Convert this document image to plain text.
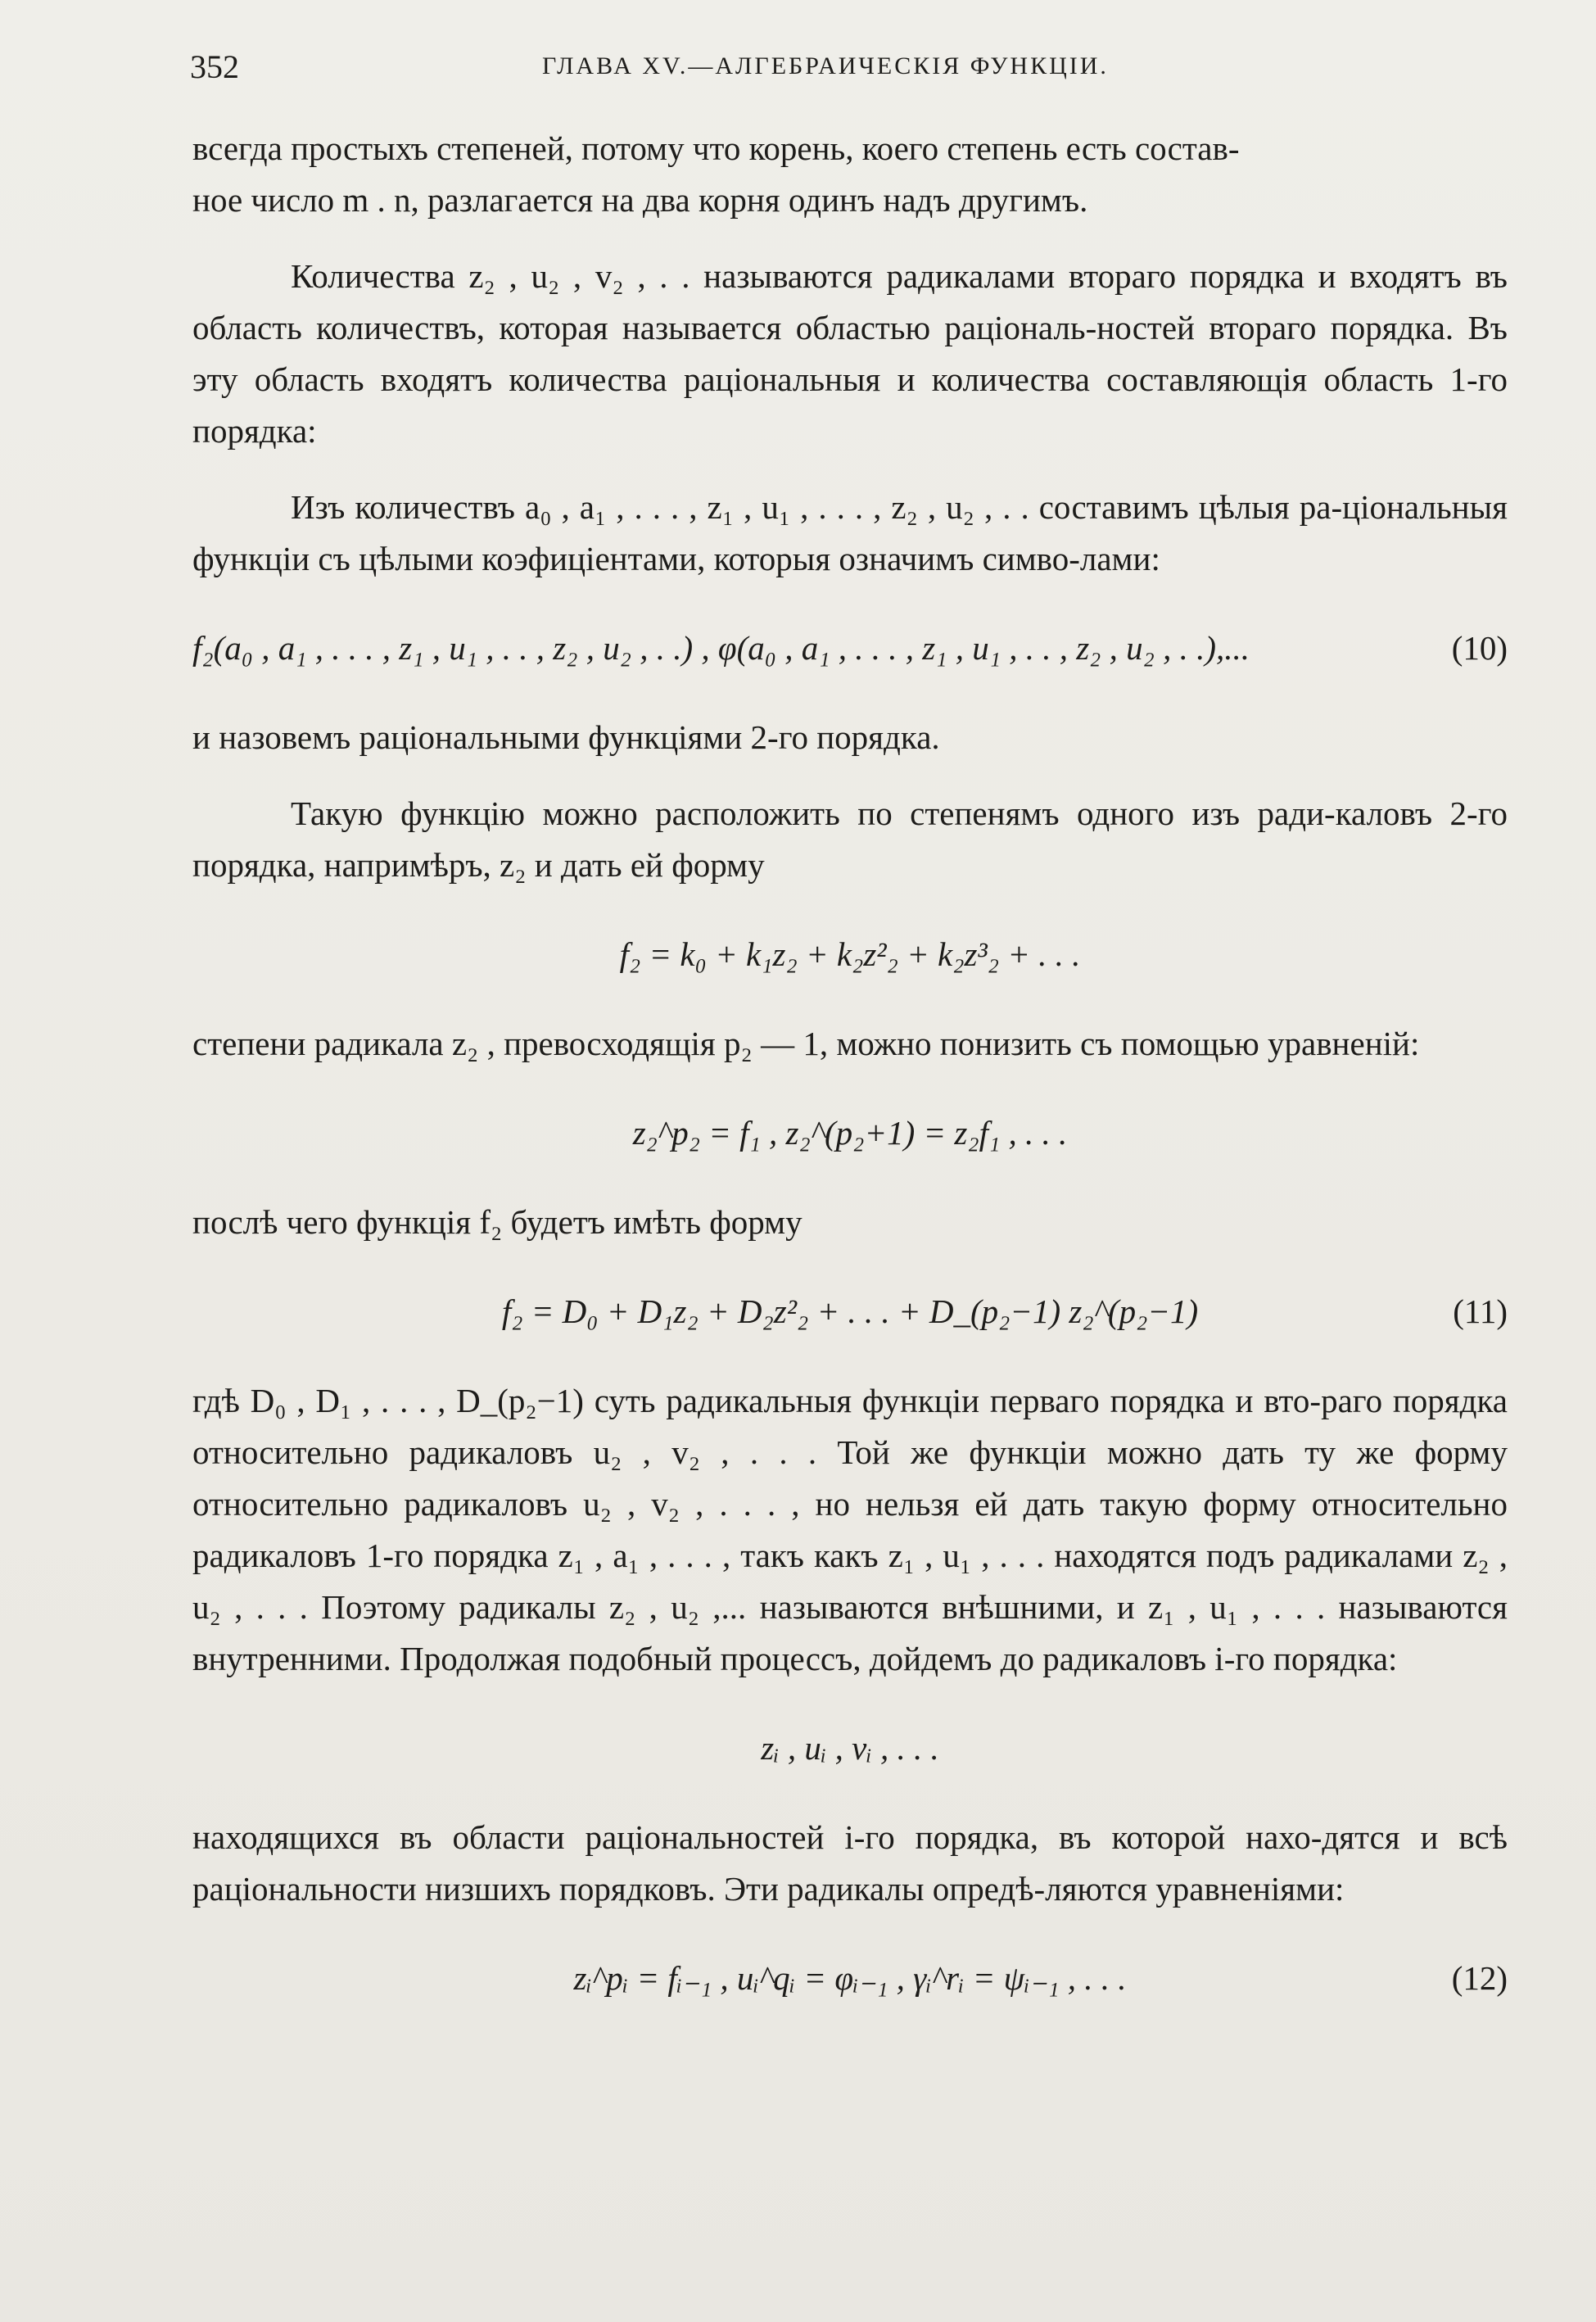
352	ГЛАВА XV.—АЛГЕБРАИЧЕСКІЯ ФУНКЦІИ.

всегда простыхъ степеней, потому что корень, коего степень есть состав-

ное число m . n, разлагается на два корня одинъ надъ другимъ.

Количества z₂ , u₂ , v₂ , . . называются радикалами втораго порядка и входятъ въ область количествъ, которая называется областью раціональ-ностей втораго порядка. Въ эту область входятъ количества раціональныя и количества составляющія область 1-го порядка:

Изъ количествъ a₀ , a₁ , . . . , z₁ , u₁ , . . . , z₂ , u₂ , . . составимъ цѣлыя ра-ціональныя функціи съ цѣлыми коэфиціентами, которыя означимъ симво-лами:

f₂(a₀ , a₁ , . . . , z₁ , u₁ , . . , z₂ , u₂ , . .) , φ(a₀ , a₁ , . . . , z₁ , u₁ , . . , z₂ , u₂ , . .),...	(10)

и назовемъ раціональными функціями 2-го порядка.

Такую функцію можно расположить по степенямъ одного изъ ради-каловъ 2-го порядка, напримѣръ, z₂ и дать ей форму

f₂ = k₀ + k₁z₂ + k₂z²₂ + k₂z³₂ + . . .

степени радикала z₂ , превосходящія p₂ — 1, можно понизить съ помощью уравненій:

z₂^p₂ = f₁ , z₂^(p₂+1) = z₂f₁ , . . .

послѣ чего функція f₂ будетъ имѣть форму

f₂ = D₀ + D₁z₂ + D₂z²₂ + . . . + D_(p₂−1) z₂^(p₂−1)	(11)

гдѣ D₀ , D₁ , . . . , D_(p₂−1) суть радикальныя функціи перваго порядка и вто-раго порядка относительно радикаловъ u₂ , v₂ , . . . Той же функціи можно дать ту же форму относительно радикаловъ u₂ , v₂ , . . . , но нельзя ей дать такую форму относительно радикаловъ 1-го порядка z₁ , a₁ , . . . , такъ какъ z₁ , u₁ , . . . находятся подъ радикалами z₂ , u₂ , . . . Поэтому радикалы z₂ , u₂ ,... называются внѣшними, и z₁ , u₁ , . . . называются внутренними. Продолжая подобный процессъ, дойдемъ до радикаловъ i-го порядка:

zᵢ , uᵢ , vᵢ , . . .

находящихся въ области раціональностей i-го порядка, въ которой нахо-дятся и всѣ раціональности низшихъ порядковъ. Эти радикалы опредѣ-ляются уравненіями:

zᵢ^pᵢ = fᵢ₋₁ , uᵢ^qᵢ = φᵢ₋₁ , γᵢ^rᵢ = ψᵢ₋₁ , . . .	(12)
